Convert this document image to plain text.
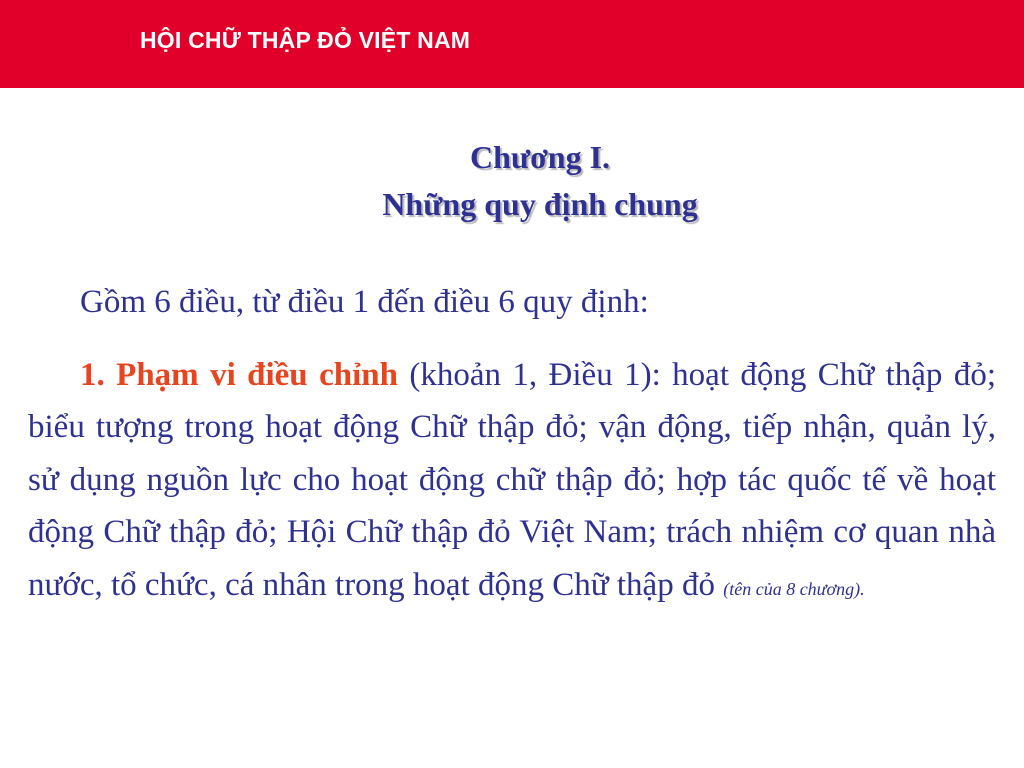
HỘI CHỮ THẬP ĐỎ VIỆT NAM
Chương I.
Những quy định chung
Gồm 6 điều, từ điều 1 đến điều 6 quy định:

1. Phạm vi điều chỉnh (khoản 1, Điều 1): hoạt động Chữ thập đỏ; biểu tượng trong hoạt động Chữ thập đỏ; vận động, tiếp nhận, quản lý, sử dụng nguồn lực cho hoạt động chữ thập đỏ; hợp tác quốc tế về hoạt động Chữ thập đỏ; Hội Chữ thập đỏ Việt Nam; trách nhiệm cơ quan nhà nước, tổ chức, cá nhân trong hoạt động Chữ thập đỏ (tên của 8 chương).
